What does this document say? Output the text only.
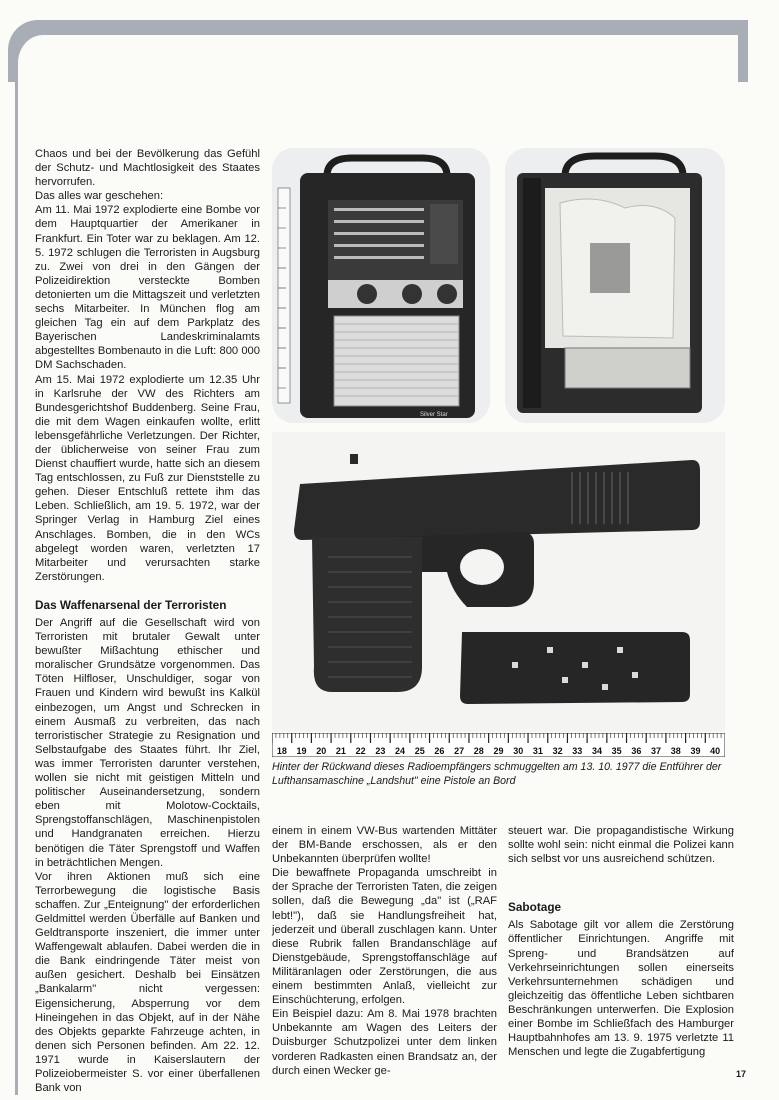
Chaos und bei der Bevölkerung das Gefühl der Schutz- und Machtlosigkeit des Staates hervorrufen.

Das alles war geschehen:

Am 11. Mai 1972 explodierte eine Bombe vor dem Hauptquartier der Amerikaner in Frankfurt. Ein Toter war zu beklagen. Am 12. 5. 1972 schlugen die Terroristen in Augsburg zu. Zwei von drei in den Gängen der Polizeidirektion versteckte Bomben detonierten um die Mittagszeit und verletzten sechs Mitarbeiter. In München flog am gleichen Tag ein auf dem Parkplatz des Bayerischen Landeskriminalamts abgestelltes Bombenauto in die Luft: 800 000 DM Sachschaden.

Am 15. Mai 1972 explodierte um 12.35 Uhr in Karlsruhe der VW des Richters am Bundesgerichtshof Buddenberg. Seine Frau, die mit dem Wagen einkaufen wollte, erlitt lebensgefährliche Verletzungen. Der Richter, der üblicherweise von seiner Frau zum Dienst chauffiert wurde, hatte sich an diesem Tag entschlossen, zu Fuß zur Dienststelle zu gehen. Dieser Entschluß rettete ihm das Leben. Schließlich, am 19. 5. 1972, war der Springer Verlag in Hamburg Ziel eines Anschlages. Bomben, die in den WCs abgelegt worden waren, verletzten 17 Mitarbeiter und verursachten starke Zerstörungen.

Das Waffenarsenal der Terroristen

Der Angriff auf die Gesellschaft wird von Terroristen mit brutaler Gewalt unter bewußter Mißachtung ethischer und moralischer Grundsätze vorgenommen. Das Töten Hilfloser, Unschuldiger, sogar von Frauen und Kindern wird bewußt ins Kalkül einbezogen, um Angst und Schrecken in einem Ausmaß zu verbreiten, das nach terroristischer Strategie zu Resignation und Selbstaufgabe des Staates führt. Ihr Ziel, was immer Terroristen darunter verstehen, wollen sie nicht mit geistigen Mitteln und politischer Auseinandersetzung, sondern eben mit Molotow-Cocktails, Sprengstoffanschlägen, Maschinenpistolen und Handgranaten erreichen. Hierzu benötigen die Täter Sprengstoff und Waffen in beträchtlichen Mengen.

Vor ihren Aktionen muß sich eine Terrorbewegung die logistische Basis schaffen. Zur „Enteignung" der erforderlichen Geldmittel werden Überfälle auf Banken und Geldtransporte inszeniert, die immer unter Waffengewalt ablaufen. Dabei werden die in die Bank eindringende Täter meist von außen gesichert. Deshalb bei Einsätzen „Bankalarm" nicht vergessen: Eigensicherung, Absperrung vor dem Hineingehen in das Objekt, auf in der Nähe des Objekts geparkte Fahrzeuge achten, in denen sich Personen befinden. Am 22. 12. 1971 wurde in Kaiserslautern der Polizeiobermeister S. vor einer überfallenen Bank von

Silver Star
18 19 20 21 22 23 24 25 26 27 28 29 30 31 32 33 34 35 36 37 38 39 40
Hinter der Rückwand dieses Radioempfängers schmuggelten am 13. 10. 1977 die Entführer der Lufthansamaschine „Landshut" eine Pistole an Bord

einem in einem VW-Bus wartenden Mittäter der BM-Bande erschossen, als er den Unbekannten überprüfen wollte!

Die bewaffnete Propaganda umschreibt in der Sprache der Terroristen Taten, die zeigen sollen, daß die Bewegung „da" ist („RAF lebt!"), daß sie Handlungsfreiheit hat, jederzeit und überall zuschlagen kann. Unter diese Rubrik fallen Brandanschläge auf Dienstgebäude, Sprengstoffanschläge auf Militäranlagen oder Zerstörungen, die aus einem bestimmten Anlaß, vielleicht zur Einschüchterung, erfolgen.

Ein Beispiel dazu: Am 8. Mai 1978 brachten Unbekannte am Wagen des Leiters der Duisburger Schutzpolizei unter dem linken vorderen Radkasten einen Brandsatz an, der durch einen Wecker ge-

steuert war. Die propagandistische Wirkung sollte wohl sein: nicht einmal die Polizei kann sich selbst vor uns ausreichend schützen.

Sabotage

Als Sabotage gilt vor allem die Zerstörung öffentlicher Einrichtungen. Angriffe mit Spreng- und Brandsätzen auf Verkehrseinrichtungen sollen einerseits Verkehrsunternehmen schädigen und gleichzeitig das öffentliche Leben sichtbaren Beschränkungen unterwerfen. Die Explosion einer Bombe im Schließfach des Hamburger Hauptbahnhofes am 13. 9. 1975 verletzte 11 Menschen und legte die Zugabfertigung

17
